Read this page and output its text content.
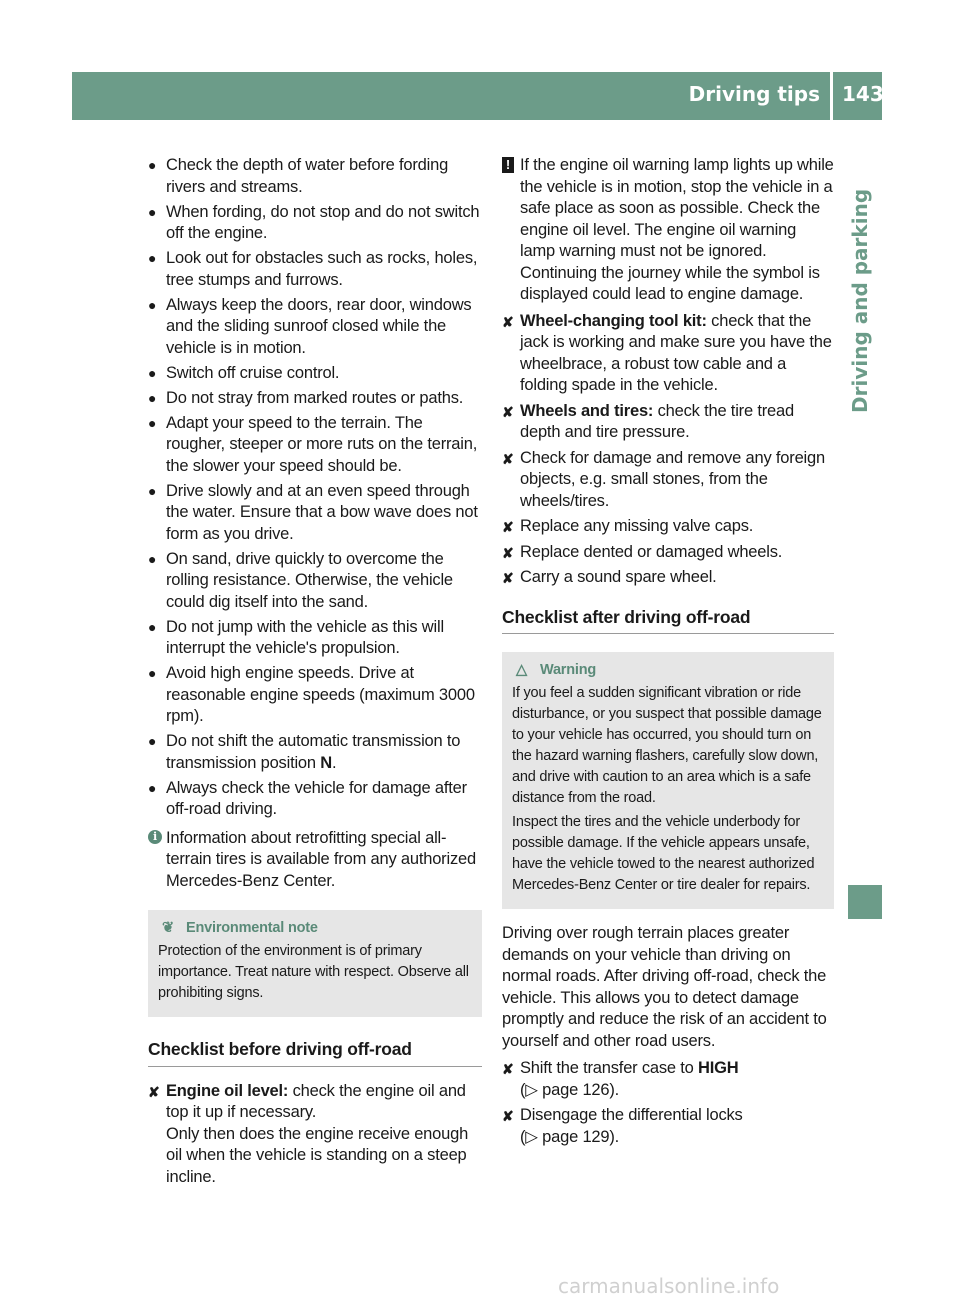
Driving tips 143
Driving and parking
● Check the depth of water before fording rivers and streams.
● When fording, do not stop and do not switch off the engine.
● Look out for obstacles such as rocks, holes, tree stumps and furrows.
● Always keep the doors, rear door, windows and the sliding sunroof closed while the vehicle is in motion.
● Switch off cruise control.
● Do not stray from marked routes or paths.
● Adapt your speed to the terrain. The rougher, steeper or more ruts on the terrain, the slower your speed should be.
● Drive slowly and at an even speed through the water. Ensure that a bow wave does not form as you drive.
● On sand, drive quickly to overcome the rolling resistance. Otherwise, the vehicle could dig itself into the sand.
● Do not jump with the vehicle as this will interrupt the vehicle's propulsion.
● Avoid high engine speeds. Drive at reasonable engine speeds (maximum 3000 rpm).
● Do not shift the automatic transmission to transmission position N.
● Always check the vehicle for damage after off-road driving.
i Information about retrofitting special all-terrain tires is available from any authorized Mercedes-Benz Center.
❦ Environmental note

Protection of the environment is of primary importance. Treat nature with respect. Observe all prohibiting signs.

Checklist before driving off-road
✘ Engine oil level: check the engine oil and top it up if necessary.
Only then does the engine receive enough oil when the vehicle is standing on a steep incline.
! If the engine oil warning lamp lights up while the vehicle is in motion, stop the vehicle in a safe place as soon as possible. Check the engine oil level. The engine oil warning lamp warning must not be ignored. Continuing the journey while the symbol is displayed could lead to engine damage.
✘ Wheel-changing tool kit: check that the jack is working and make sure you have the wheelbrace, a robust tow cable and a folding spade in the vehicle.
✘ Wheels and tires: check the tire tread depth and tire pressure.
✘ Check for damage and remove any foreign objects, e.g. small stones, from the wheels/tires.
✘ Replace any missing valve caps.
✘ Replace dented or damaged wheels.
✘ Carry a sound spare wheel.
Checklist after driving off-road
△ Warning

If you feel a sudden significant vibration or ride disturbance, or you suspect that possible damage to your vehicle has occurred, you should turn on the hazard warning flashers, carefully slow down, and drive with caution to an area which is a safe distance from the road.

Inspect the tires and the vehicle underbody for possible damage. If the vehicle appears unsafe, have the vehicle towed to the nearest authorized Mercedes-Benz Center or tire dealer for repairs.

Driving over rough terrain places greater demands on your vehicle than driving on normal roads. After driving off-road, check the vehicle. This allows you to detect damage promptly and reduce the risk of an accident to yourself and other road users.
✘ Shift the transfer case to HIGH
(▷ page 126).
✘ Disengage the differential locks
(▷ page 129).
carmanualsonline.info
